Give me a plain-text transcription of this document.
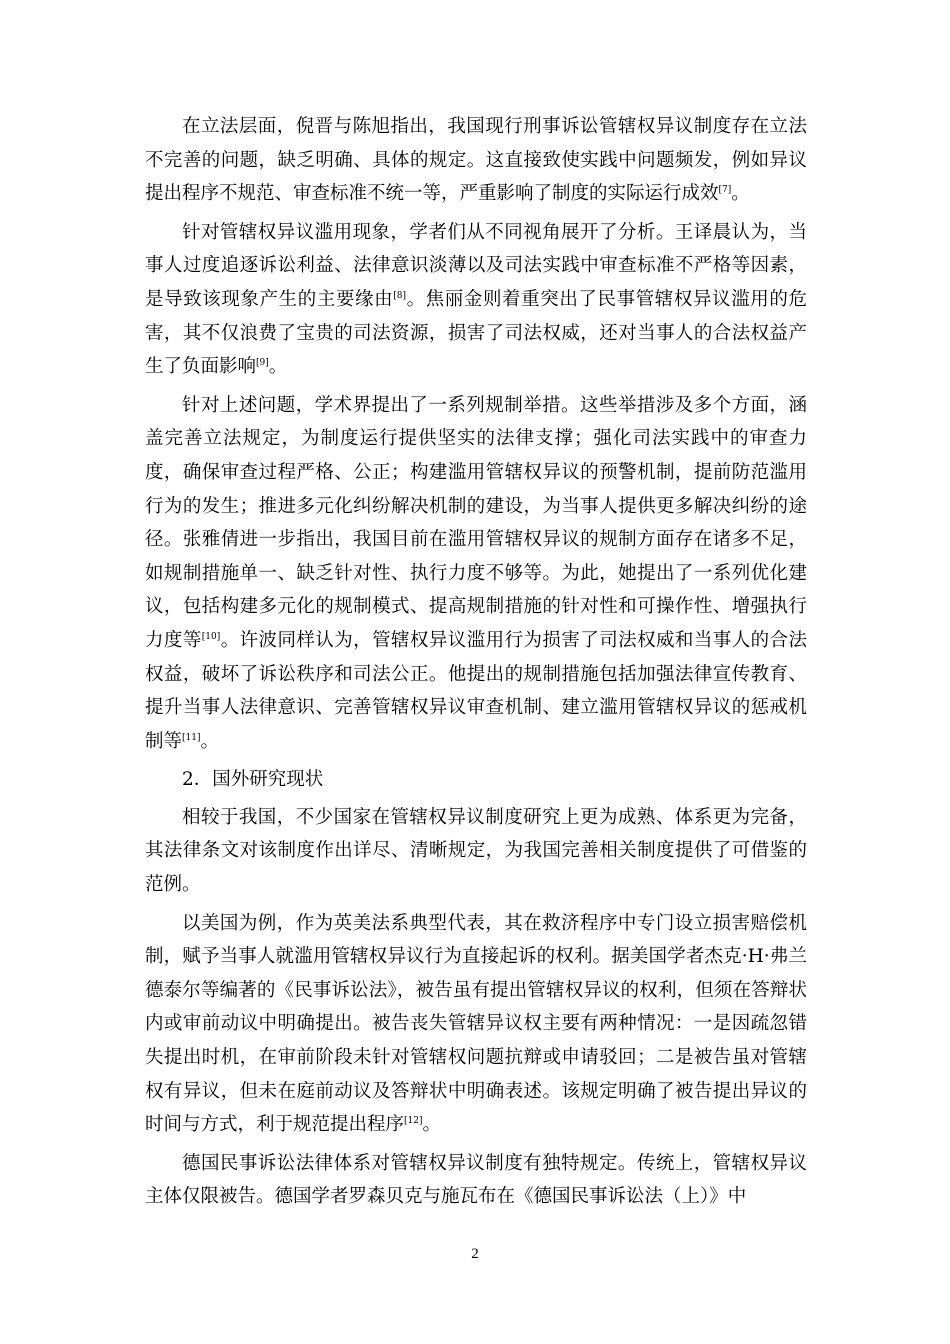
在立法层面，倪晋与陈旭指出，我国现行刑事诉讼管辖权异议制度存在立法不完善的问题，缺乏明确、具体的规定。这直接致使实践中问题频发，例如异议提出程序不规范、审查标准不统一等，严重影响了制度的实际运行成效[7]。

针对管辖权异议滥用现象，学者们从不同视角展开了分析。王译晨认为，当事人过度追逐诉讼利益、法律意识淡薄以及司法实践中审查标准不严格等因素，是导致该现象产生的主要缘由[8]。焦丽金则着重突出了民事管辖权异议滥用的危害，其不仅浪费了宝贵的司法资源，损害了司法权威，还对当事人的合法权益产生了负面影响[9]。

针对上述问题，学术界提出了一系列规制举措。这些举措涉及多个方面，涵盖完善立法规定，为制度运行提供坚实的法律支撑；强化司法实践中的审查力度，确保审查过程严格、公正；构建滥用管辖权异议的预警机制，提前防范滥用行为的发生；推进多元化纠纷解决机制的建设，为当事人提供更多解决纠纷的途径。张雅倩进一步指出，我国目前在滥用管辖权异议的规制方面存在诸多不足，如规制措施单一、缺乏针对性、执行力度不够等。为此，她提出了一系列优化建议，包括构建多元化的规制模式、提高规制措施的针对性和可操作性、增强执行力度等[10]。许波同样认为，管辖权异议滥用行为损害了司法权威和当事人的合法权益，破坏了诉讼秩序和司法公正。他提出的规制措施包括加强法律宣传教育、提升当事人法律意识、完善管辖权异议审查机制、建立滥用管辖权异议的惩戒机制等[11]。

2．国外研究现状

相较于我国，不少国家在管辖权异议制度研究上更为成熟、体系更为完备，其法律条文对该制度作出详尽、清晰规定，为我国完善相关制度提供了可借鉴的范例。

以美国为例，作为英美法系典型代表，其在救济程序中专门设立损害赔偿机制，赋予当事人就滥用管辖权异议行为直接起诉的权利。据美国学者杰克·H·弗兰德泰尔等编著的《民事诉讼法》，被告虽有提出管辖权异议的权利，但须在答辩状内或审前动议中明确提出。被告丧失管辖异议权主要有两种情况：一是因疏忽错失提出时机，在审前阶段未针对管辖权问题抗辩或申请驳回；二是被告虽对管辖权有异议，但未在庭前动议及答辩状中明确表述。该规定明确了被告提出异议的时间与方式，利于规范提出程序[12]。

德国民事诉讼法律体系对管辖权异议制度有独特规定。传统上，管辖权异议主体仅限被告。德国学者罗森贝克与施瓦布在《德国民事诉讼法（上）》中

2
